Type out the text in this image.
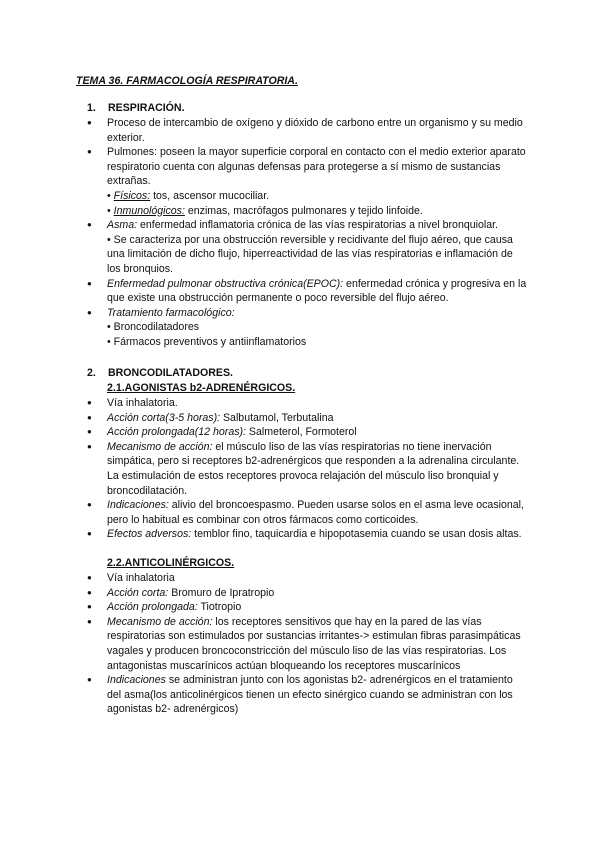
TEMA 36. FARMACOLOGÍA RESPIRATORIA.
1. RESPIRACIÓN.
● Proceso de intercambio de oxígeno y dióxido de carbono entre un organismo y su medio exterior.
● Pulmones: poseen la mayor superficie corporal en contacto con el medio exterior aparato respiratorio cuenta con algunas defensas para protegerse a sí mismo de sustancias extrañas.
• Físicos: tos, ascensor mucociliar.
• Inmunológicos: enzimas, macrófagos pulmonares y tejido linfoide.
● Asma: enfermedad inflamatoria crónica de las vías respiratorias a nivel bronquiolar.
• Se caracteriza por una obstrucción reversible y recidivante del flujo aéreo, que causa una limitación de dicho flujo, hiperreactividad de las vías respiratorias e inflamación de los bronquios.
● Enfermedad pulmonar obstructiva crónica(EPOC): enfermedad crónica y progresiva en la que existe una obstrucción permanente o poco reversible del flujo aéreo.
● Tratamiento farmacológico:
• Broncodilatadores
• Fármacos preventivos y antiinflamatorios
2. BRONCODILATADORES.
2.1.AGONISTAS b2-ADRENÉRGICOS.
● Vía inhalatoria.
● Acción corta(3-5 horas): Salbutamol, Terbutalina
● Acción prolongada(12 horas): Salmeterol, Formoterol
● Mecanismo de acción: el músculo liso de las vías respiratorias no tiene inervación simpática, pero si receptores b2-adrenérgicos que responden a la adrenalina circulante. La estimulación de estos receptores provoca relajación del músculo liso bronquial y broncodilatación.
● Indicaciones: alivio del broncoespasmo. Pueden usarse solos en el asma leve ocasional, pero lo habitual es combinar con otros fármacos como corticoides.
● Efectos adversos: temblor fino, taquicardia e hipopotasemia cuando se usan dosis altas.
2.2.ANTICOLINÉRGICOS.
● Vía inhalatoria
● Acción corta: Bromuro de Ipratropio
● Acción prolongada: Tiotropio
● Mecanismo de acción: los receptores sensitivos que hay en la pared de las vías respiratorias son estimulados por sustancias irritantes-> estimulan fibras parasimpáticas vagales y producen broncoconstricción del músculo liso de las vías respiratorias. Los antagonistas muscarínicos actúan bloqueando los receptores muscarínicos
● Indicaciones se administran junto con los agonistas b2- adrenérgicos en el tratamiento del asma(los anticolinérgicos tienen un efecto sinérgico cuando se administran con los agonistas b2- adrenérgicos)
